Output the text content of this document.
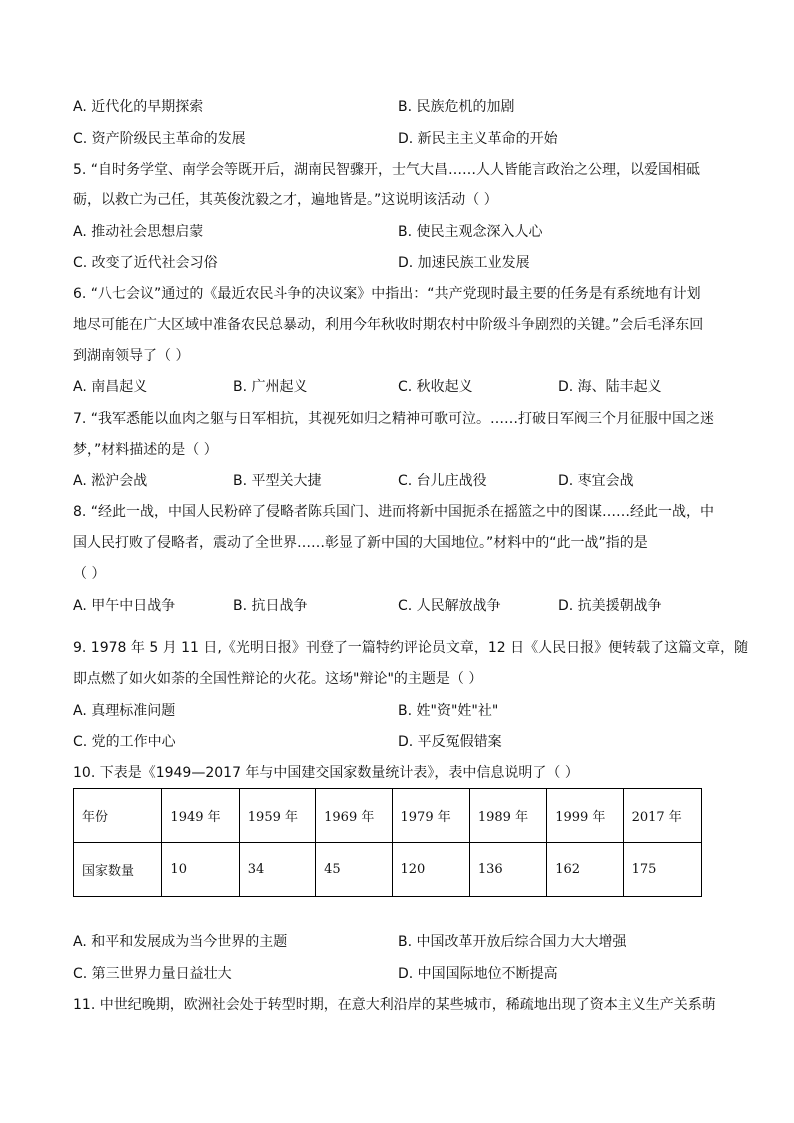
A. 近代化的早期探索	B. 民族危机的加剧
C. 资产阶级民主革命的发展	D. 新民主主义革命的开始
5. “自时务学堂、南学会等既开后，湖南民智骤开，士气大昌……人人皆能言政治之公理，以爱国相砥
砺，以救亡为己任，其英俊沈毅之才，遍地皆是。”这说明该活动（ ）
A. 推动社会思想启蒙	B. 使民主观念深入人心
C. 改变了近代社会习俗	D. 加速民族工业发展
6. “八七会议”通过的《最近农民斗争的决议案》中指出：“共产党现时最主要的任务是有系统地有计划
地尽可能在广大区域中准备农民总暴动，利用今年秋收时期农村中阶级斗争剧烈的关键。”会后毛泽东回
到湖南领导了（ ）
A. 南昌起义	B. 广州起义	C. 秋收起义	D. 海、陆丰起义
7. “我军悉能以血肉之躯与日军相抗，其视死如归之精神可歌可泣。……打破日军阀三个月征服中国之迷
梦，”材料描述的是（ ）
A. 淞沪会战	B. 平型关大捷	C. 台儿庄战役	D. 枣宜会战
8. “经此一战，中国人民粉碎了侵略者陈兵国门、进而将新中国扼杀在摇篮之中的图谋……经此一战，中
国人民打败了侵略者，震动了全世界……彰显了新中国的大国地位。”材料中的“此一战”指的是
（ ）
A. 甲午中日战争	B. 抗日战争	C. 人民解放战争	D. 抗美援朝战争
9. 1978 年 5 月 11 日,《光明日报》刊登了一篇特约评论员文章，12 日《人民日报》便转载了这篇文章，随
即点燃了如火如荼的全国性辩论的火花。这场"辩论"的主题是（ ）
A. 真理标准问题	B. 姓"资"姓"社"
C. 党的工作中心	D. 平反冤假错案
10. 下表是《1949—2017 年与中国建交国家数量统计表》，表中信息说明了（ ）
年份	1949 年	1959 年	1969 年	1979 年	1989 年	1999 年	2017 年
国家数量	10	34	45	120	136	162	175
A. 和平和发展成为当今世界的主题	B. 中国改革开放后综合国力大大增强
C. 第三世界力量日益壮大	D. 中国国际地位不断提高
11. 中世纪晚期，欧洲社会处于转型时期，在意大利沿岸的某些城市，稀疏地出现了资本主义生产关系萌
